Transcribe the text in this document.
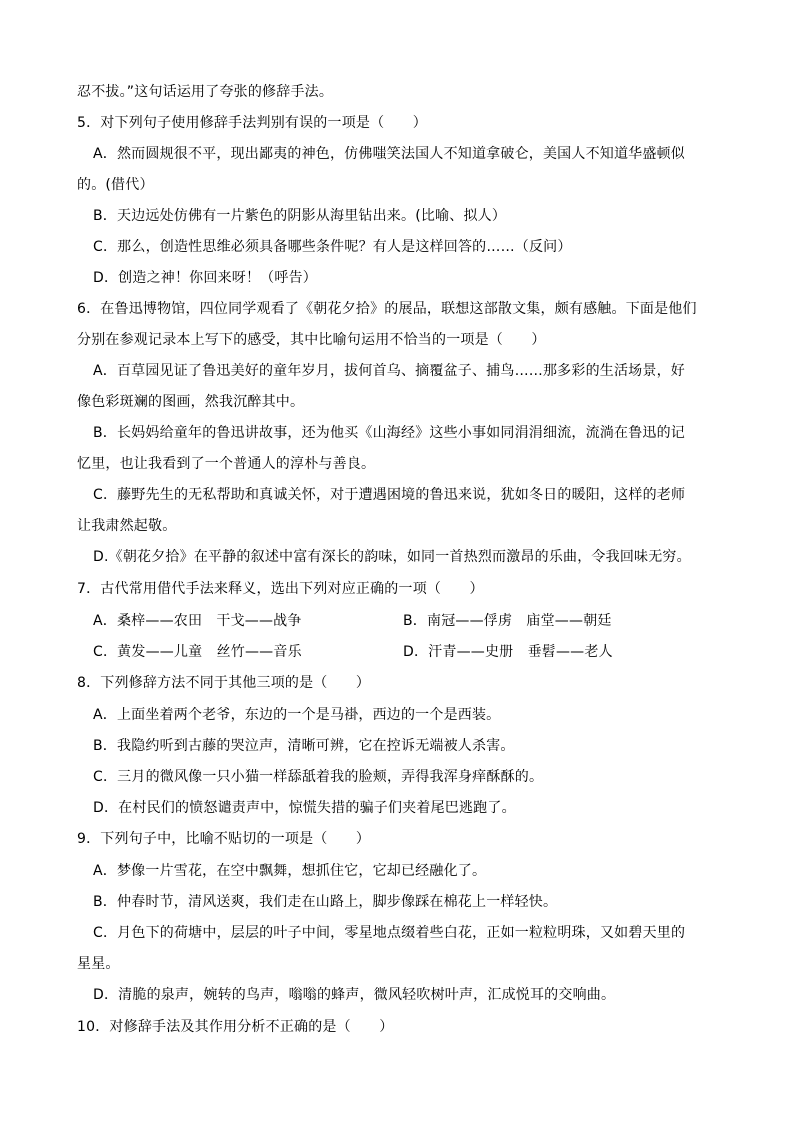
忍不拔。”这句话运用了夸张的修辞手法。
5．对下列句子使用修辞手法判别有误的一项是（　　）
A．然而圆规很不平，现出鄙夷的神色，仿佛嗤笑法国人不知道拿破仑，美国人不知道华盛顿似
的。(借代）
B．天边远处仿佛有一片紫色的阴影从海里钻出来。(比喻、拟人）
C．那么，创造性思维必须具备哪些条件呢？有人是这样回答的……（反问）
D．创造之神！你回来呀！（呼告）
6．在鲁迅博物馆，四位同学观看了《朝花夕拾》的展品，联想这部散文集，颇有感触。下面是他们
分别在参观记录本上写下的感受，其中比喻句运用不恰当的一项是（　　）
A．百草园见证了鲁迅美好的童年岁月，拔何首乌、摘覆盆子、捕鸟……那多彩的生活场景，好
像色彩斑斓的图画，然我沉醉其中。
B．长妈妈给童年的鲁迅讲故事，还为他买《山海经》这些小事如同涓涓细流，流淌在鲁迅的记
忆里，也让我看到了一个普通人的淳朴与善良。
C．藤野先生的无私帮助和真诚关怀，对于遭遇困境的鲁迅来说，犹如冬日的暖阳，这样的老师
让我肃然起敬。
D.《朝花夕拾》在平静的叙述中富有深长的韵味，如同一首热烈而激昂的乐曲，令我回味无穷。
7．古代常用借代手法来释义，选出下列对应正确的一项（　　）
A．桑梓——农田　干戈——战争	B．南冠——俘虏　庙堂——朝廷
C．黄发——儿童　丝竹——音乐	D．汗青——史册　垂髫——老人
8．下列修辞方法不同于其他三项的是（　　）
A．上面坐着两个老爷，东边的一个是马褂，西边的一个是西装。
B．我隐约听到古藤的哭泣声，清晰可辨，它在控诉无端被人杀害。
C．三月的微风像一只小猫一样舔舐着我的脸颊，弄得我浑身痒酥酥的。
D．在村民们的愤怒谴责声中，惊慌失措的骗子们夹着尾巴逃跑了。
9．下列句子中，比喻不贴切的一项是（　　）
A．梦像一片雪花，在空中飘舞，想抓住它，它却已经融化了。
B．仲春时节，清风送爽，我们走在山路上，脚步像踩在棉花上一样轻快。
C．月色下的荷塘中，层层的叶子中间，零星地点缀着些白花，正如一粒粒明珠，又如碧天里的
星星。
D．清脆的泉声，婉转的鸟声，嗡嗡的蜂声，微风轻吹树叶声，汇成悦耳的交响曲。
10．对修辞手法及其作用分析不正确的是（　　）
